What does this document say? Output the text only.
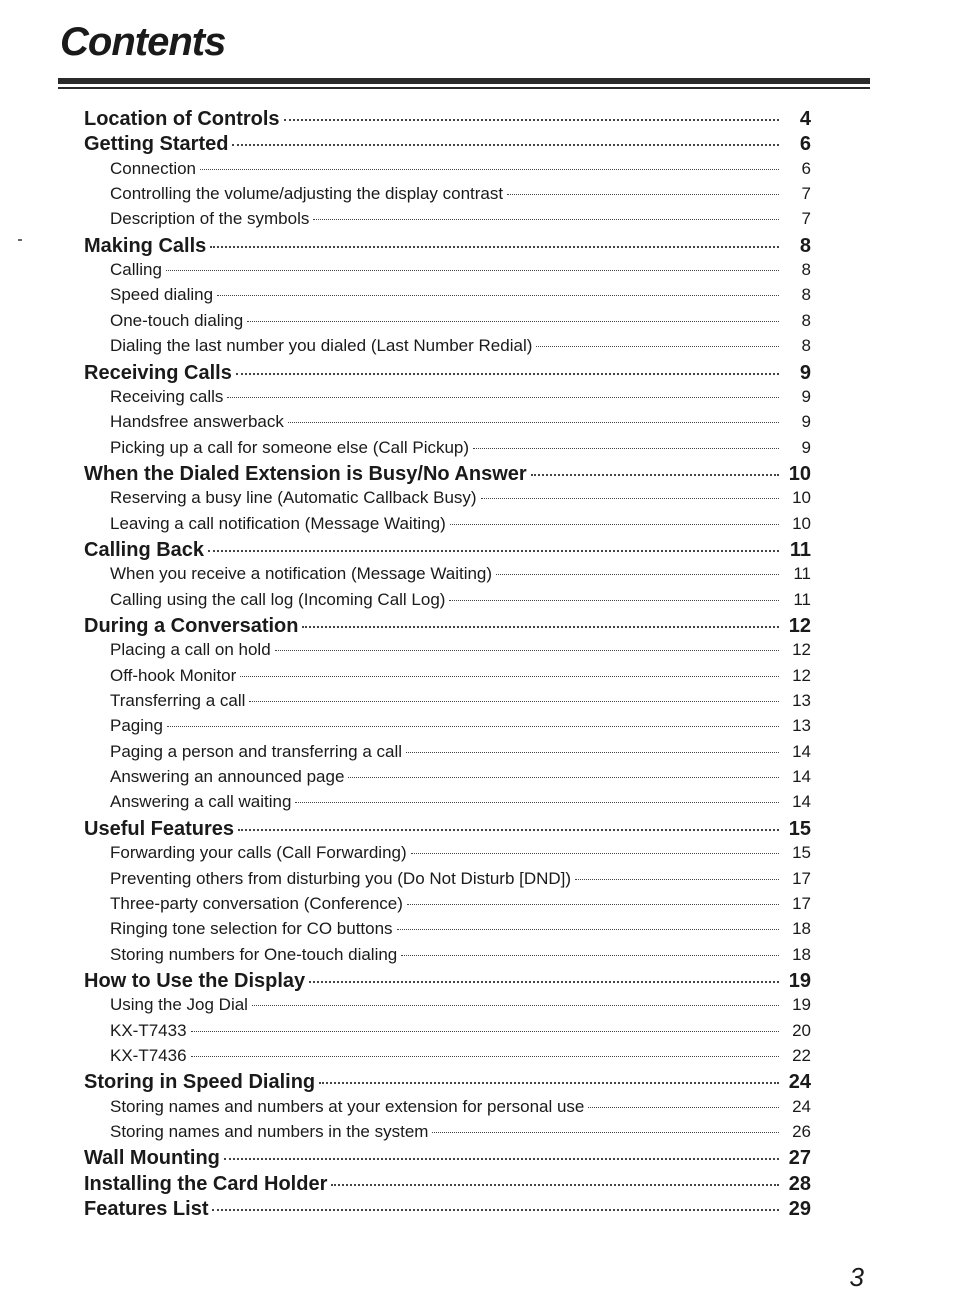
Contents
Location of Controls	4
Getting Started	6
Connection	6
Controlling the volume/adjusting the display contrast	7
Description of the symbols	7
Making Calls	8
Calling	8
Speed dialing	8
One-touch dialing	8
Dialing the last number you dialed (Last Number Redial)	8
Receiving Calls	9
Receiving calls	9
Handsfree answerback	9
Picking up a call for someone else (Call Pickup)	9
When the Dialed Extension is Busy/No Answer	10
Reserving a busy line (Automatic Callback Busy)	10
Leaving a call notification (Message Waiting)	10
Calling Back	11
When you receive a notification (Message Waiting)	11
Calling using the call log (Incoming Call Log)	11
During a Conversation	12
Placing a call on hold	12
Off-hook Monitor	12
Transferring a call	13
Paging	13
Paging a person and transferring a call	14
Answering an announced page	14
Answering a call waiting	14
Useful Features	15
Forwarding your calls (Call Forwarding)	15
Preventing others from disturbing you (Do Not Disturb [DND])	17
Three-party conversation (Conference)	17
Ringing tone selection for CO buttons	18
Storing numbers for One-touch dialing	18
How to Use the Display	19
Using the Jog Dial	19
KX-T7433	20
KX-T7436	22
Storing in Speed Dialing	24
Storing names and numbers at your extension for personal use	24
Storing names and numbers in the system	26
Wall Mounting	27
Installing the Card Holder	28
Features List	29
3
